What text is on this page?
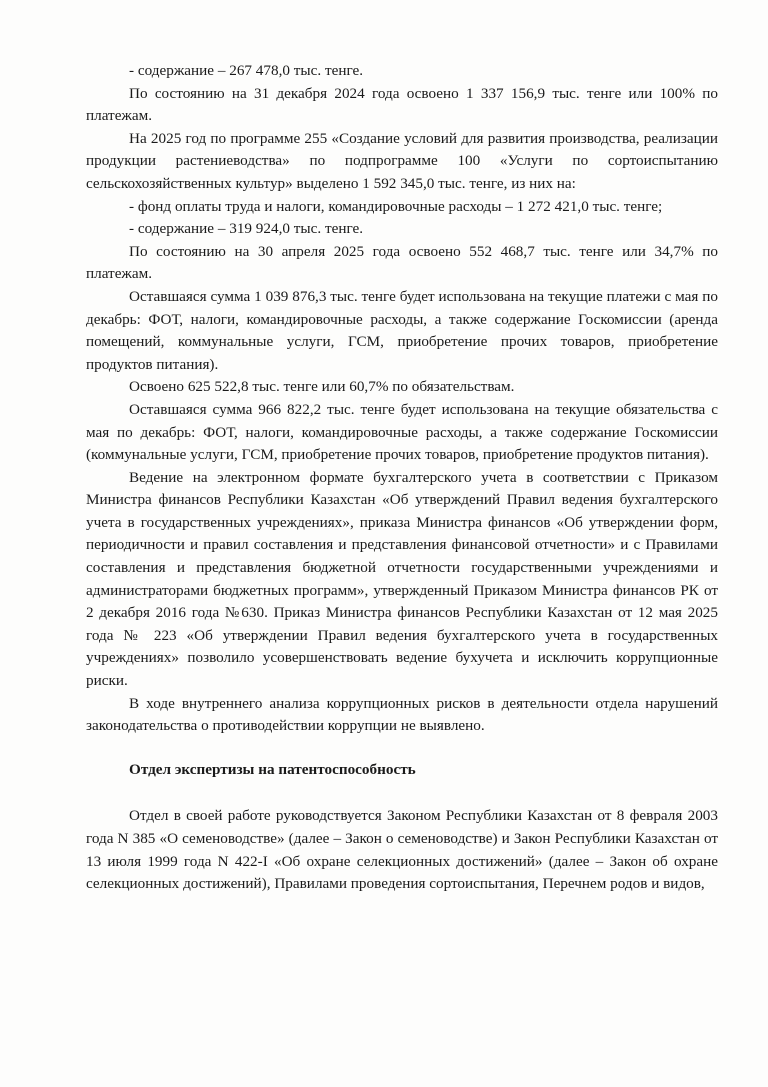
- содержание – 267 478,0 тыс. тенге.

По состоянию на 31 декабря 2024 года освоено 1 337 156,9 тыс. тенге или 100% по платежам.

На 2025 год по программе 255 «Создание условий для развития производства, реализации продукции растениеводства» по подпрограмме 100 «Услуги по сортоиспытанию сельскохозяйственных культур» выделено 1 592 345,0 тыс. тенге, из них на:

- фонд оплаты труда и налоги, командировочные расходы – 1 272 421,0 тыс. тенге;

- содержание – 319 924,0 тыс. тенге.

По состоянию на 30 апреля 2025 года освоено 552 468,7 тыс. тенге или 34,7% по платежам.

Оставшаяся сумма 1 039 876,3 тыс. тенге будет использована на текущие платежи с мая по декабрь: ФОТ, налоги, командировочные расходы, а также содержание Госкомиссии (аренда помещений, коммунальные услуги, ГСМ, приобретение прочих товаров, приобретение продуктов питания).

Освоено 625 522,8 тыс. тенге или 60,7% по обязательствам.

Оставшаяся сумма 966 822,2 тыс. тенге будет использована на текущие обязательства с мая по декабрь: ФОТ, налоги, командировочные расходы, а также содержание Госкомиссии (коммунальные услуги, ГСМ, приобретение прочих товаров, приобретение продуктов питания).

Ведение на электронном формате бухгалтерского учета в соответствии с Приказом Министра финансов Республики Казахстан «Об утверждений Правил ведения бухгалтерского учета в государственных учреждениях», приказа Министра финансов «Об утверждении форм, периодичности и правил составления и представления финансовой отчетности» и с Правилами составления и представления бюджетной отчетности государственными учреждениями и администраторами бюджетных программ», утвержденный Приказом Министра финансов РК от 2 декабря 2016 года №630. Приказ Министра финансов Республики Казахстан от 12 мая 2025 года № 223 «Об утверждении Правил ведения бухгалтерского учета в государственных учреждениях» позволило усовершенствовать ведение бухучета и исключить коррупционные риски.

В ходе внутреннего анализа коррупционных рисков в деятельности отдела нарушений законодательства о противодействии коррупции не выявлено.

Отдел экспертизы на патентоспособность

Отдел в своей работе руководствуется Законом Республики Казахстан от 8 февраля 2003 года N 385 «О семеноводстве» (далее – Закон о семеноводстве) и Закон Республики Казахстан от 13 июля 1999 года N 422-I «Об охране селекционных достижений» (далее – Закон об охране селекционных достижений), Правилами проведения сортоиспытания, Перечнем родов и видов,
